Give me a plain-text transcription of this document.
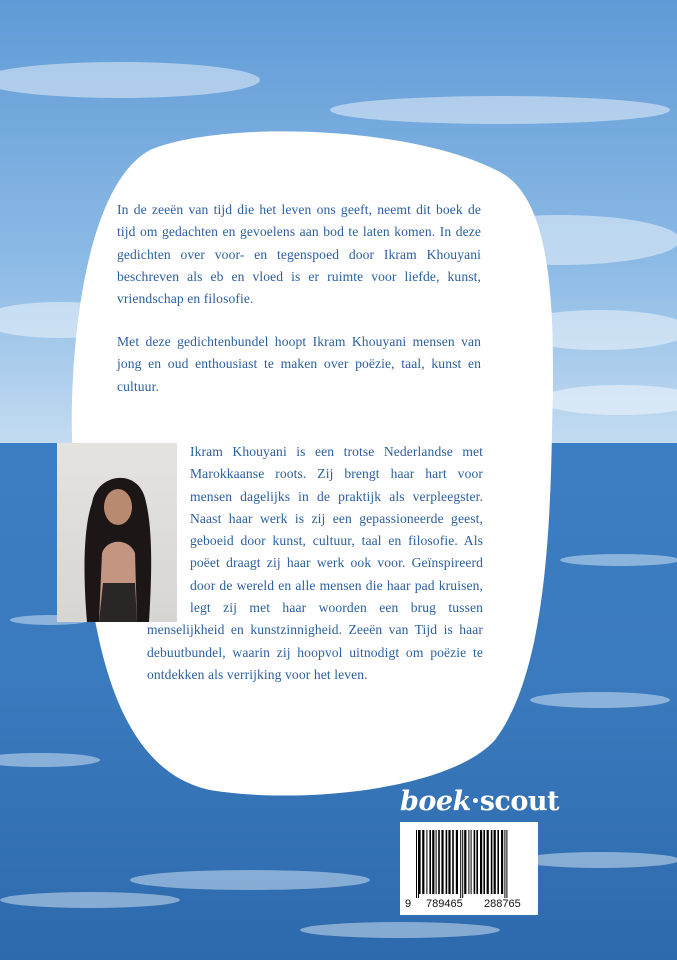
In de zeeën van tijd die het leven ons geeft, neemt dit boek de tijd om gedachten en gevoelens aan bod te laten komen. In deze gedichten over voor- en tegenspoed door Ikram Khouyani beschreven als eb en vloed is er ruimte voor liefde, kunst, vriendschap en filosofie.

Met deze gedichtenbundel hoopt Ikram Khouyani mensen van jong en oud enthousiast te maken over poëzie, taal, kunst en cultuur.

Ikram Khouyani is een trotse Nederlandse met Marokkaanse roots. Zij brengt haar hart voor mensen dagelijks in de praktijk als verpleegster. Naast haar werk is zij een gepassioneerde geest, geboeid door kunst, cultuur, taal en filosofie. Als poëet draagt zij haar werk ook voor. Geïnspireerd door de wereld en alle mensen die haar pad kruisen, legt zij met haar woorden een brug tussen menselijkheid en kunstzinnigheid. Zeeën van Tijd is haar debuutbundel, waarin zij hoopvol uitnodigt om poëzie te ontdekken als verrijking voor het leven.

boek·scout
9 789465 288765
